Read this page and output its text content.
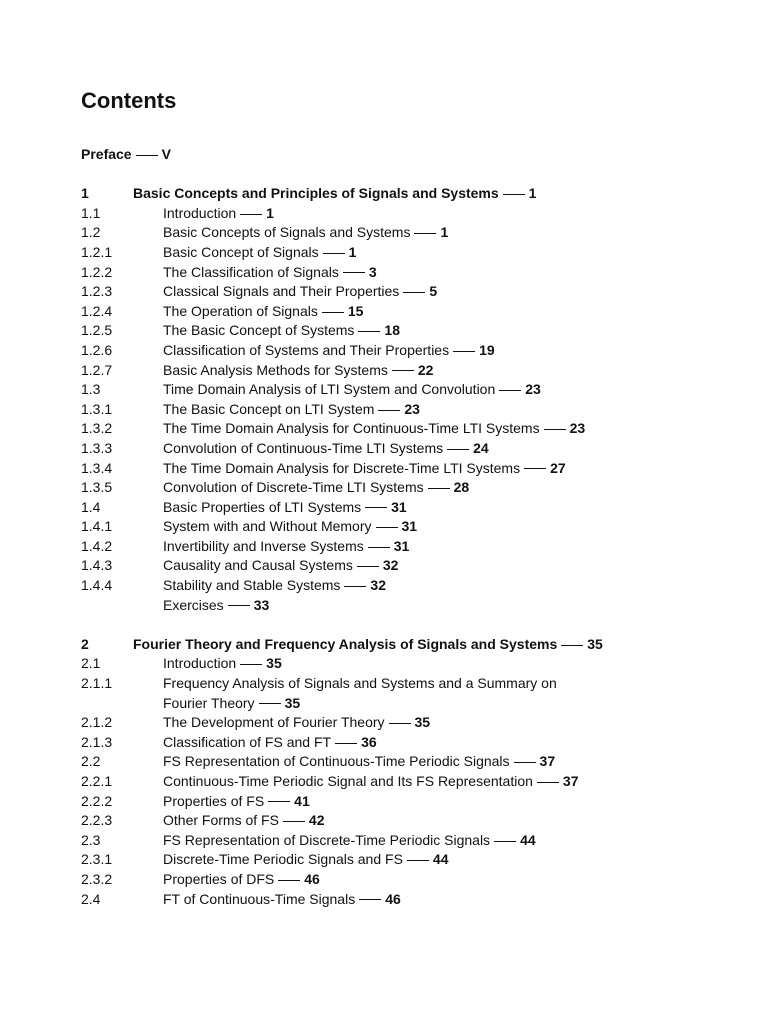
Contents
Preface V
1	Basic Concepts and Principles of Signals and Systems 1
1.1	Introduction 1
1.2	Basic Concepts of Signals and Systems 1
1.2.1	Basic Concept of Signals 1
1.2.2	The Classification of Signals 3
1.2.3	Classical Signals and Their Properties 5
1.2.4	The Operation of Signals 15
1.2.5	The Basic Concept of Systems 18
1.2.6	Classification of Systems and Their Properties 19
1.2.7	Basic Analysis Methods for Systems 22
1.3	Time Domain Analysis of LTI System and Convolution 23
1.3.1	The Basic Concept on LTI System 23
1.3.2	The Time Domain Analysis for Continuous-Time LTI Systems 23
1.3.3	Convolution of Continuous-Time LTI Systems 24
1.3.4	The Time Domain Analysis for Discrete-Time LTI Systems 27
1.3.5	Convolution of Discrete-Time LTI Systems 28
1.4	Basic Properties of LTI Systems 31
1.4.1	System with and Without Memory 31
1.4.2	Invertibility and Inverse Systems 31
1.4.3	Causality and Causal Systems 32
1.4.4	Stability and Stable Systems 32
Exercises 33
2	Fourier Theory and Frequency Analysis of Signals and Systems 35
2.1	Introduction 35
2.1.1	Frequency Analysis of Signals and Systems and a Summary on
Fourier Theory 35
2.1.2	The Development of Fourier Theory 35
2.1.3	Classification of FS and FT 36
2.2	FS Representation of Continuous-Time Periodic Signals 37
2.2.1	Continuous-Time Periodic Signal and Its FS Representation 37
2.2.2	Properties of FS 41
2.2.3	Other Forms of FS 42
2.3	FS Representation of Discrete-Time Periodic Signals 44
2.3.1	Discrete-Time Periodic Signals and FS 44
2.3.2	Properties of DFS 46
2.4	FT of Continuous-Time Signals 46
